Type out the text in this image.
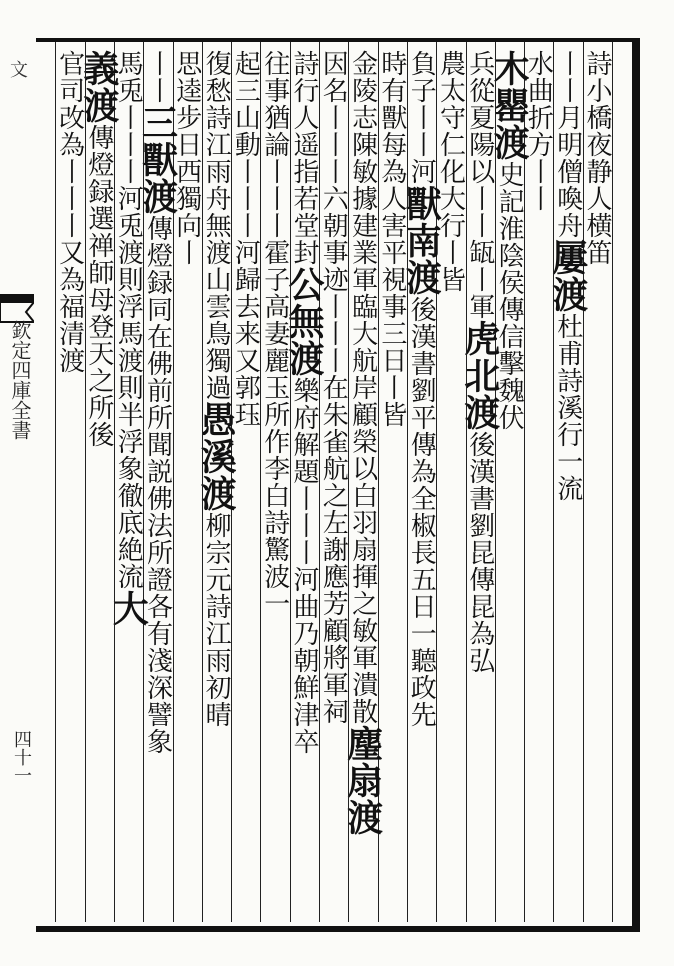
文    
欽定四庫全書
四十一
詩小橋夜静人横笛
丨丨月明僧喚舟屢渡杜甫詩溪行一流
水曲折方丨丨
木罌渡史記淮陰侯傳信擊魏伏
兵從夏陽以丨丨缻丨軍虎北渡後漢書劉昆傳昆為弘
農太守仁化大行丨皆
負子丨丨河獸南渡後漢書劉平傳為全椒長五日一聽政先
時有獸每為人害平視事三日丨皆
金陵志陳敏據建業軍臨大航岸顧榮以白羽扇揮之敏軍潰散麈扇渡
因名丨丨丨六朝事迹丨丨丨在朱雀航之左謝應芳顧將軍祠
詩行人遥指若堂封公無渡樂府解題丨丨丨河曲乃朝鮮津卒
往事猶論丨丨丨霍子高妻麗玉所作李白詩驚波一
起三山動丨丨丨河歸去来又郭珏
復愁詩江雨舟無渡山雲鳥獨過愚溪渡柳宗元詩江雨初晴
思逵步日西獨向丨
丨丨三獸渡傳燈録同在佛前所聞説佛法所證各有淺深譬象
馬兎丨丨丨河兎渡則浮馬渡則半浮象徹底絶流大
義渡傳燈録選禅師母登天之所後
官司改為丨丨丨又為福清渡
